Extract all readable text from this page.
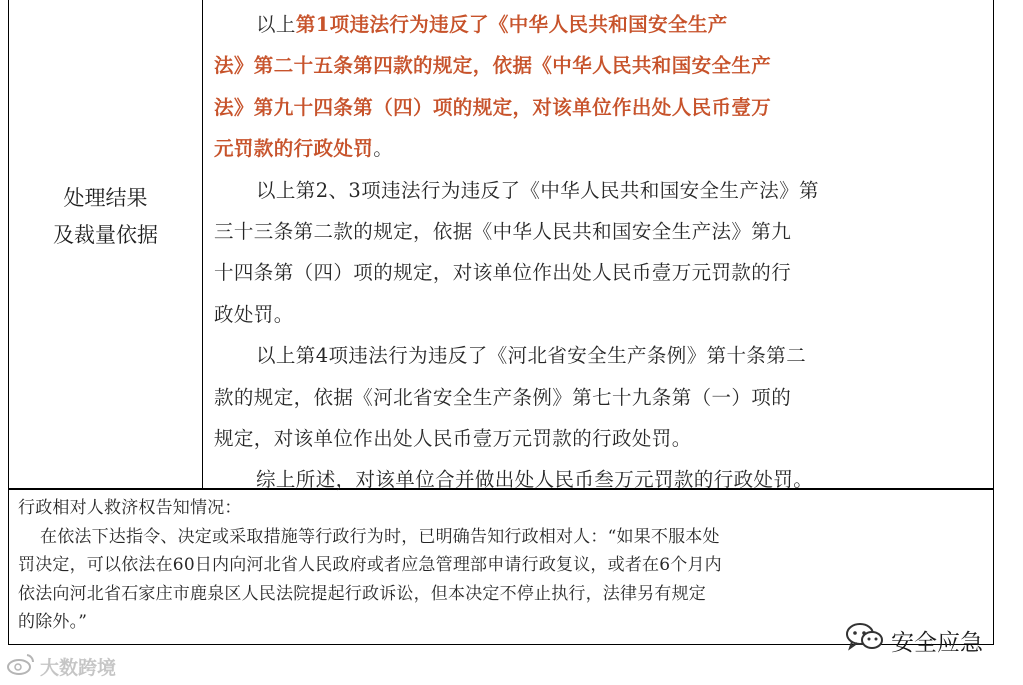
处理结果
及裁量依据

以上第1项违法行为违反了《中华人民共和国安全生产
法》第二十五条第四款的规定，依据《中华人民共和国安全生产
法》第九十四条第（四）项的规定，对该单位作出处人民币壹万
元罚款的行政处罚。

以上第2、3项违法行为违反了《中华人民共和国安全生产法》第
三十三条第二款的规定，依据《中华人民共和国安全生产法》第九
十四条第（四）项的规定，对该单位作出处人民币壹万元罚款的行
政处罚。

以上第4项违法行为违反了《河北省安全生产条例》第十条第二
款的规定，依据《河北省安全生产条例》第七十九条第（一）项的
规定，对该单位作出处人民币壹万元罚款的行政处罚。

综上所述，对该单位合并做出处人民币叁万元罚款的行政处罚。

行政相对人救济权告知情况：
在依法下达指令、决定或采取措施等行政行为时，已明确告知行政相对人：“如果不服本处
罚决定，可以依法在60日内向河北省人民政府或者应急管理部申请行政复议，或者在6个月内
依法向河北省石家庄市鹿泉区人民法院提起行政诉讼，但本决定不停止执行，法律另有规定
的除外。”
安全应急
大数跨境
